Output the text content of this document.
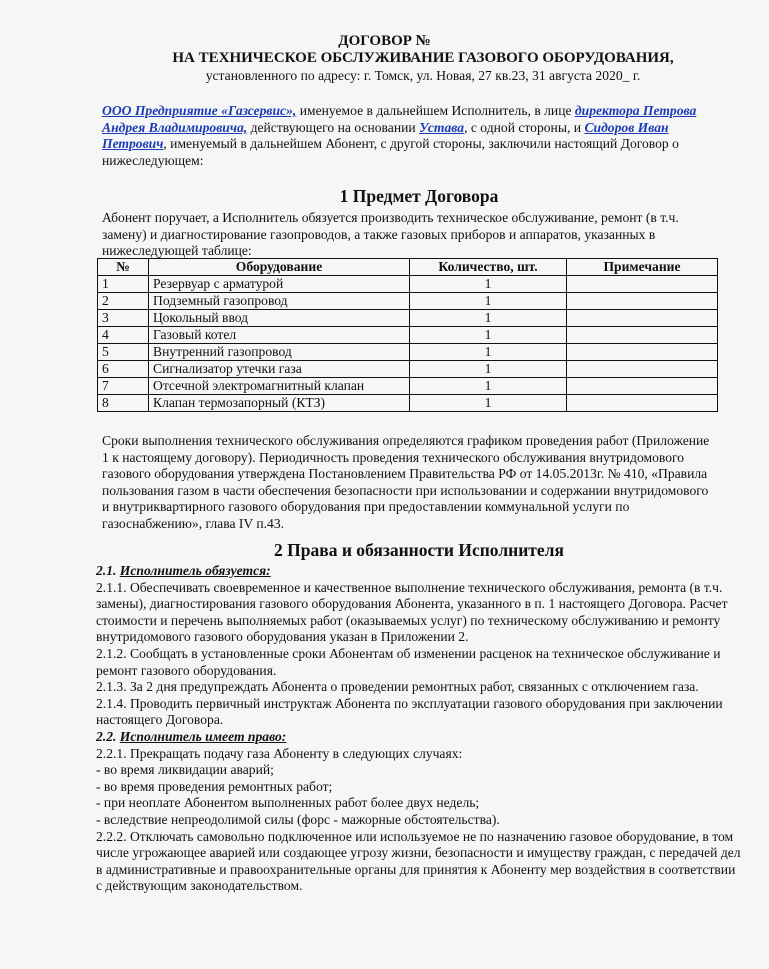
ДОГОВОР №
НА ТЕХНИЧЕСКОЕ ОБСЛУЖИВАНИЕ ГАЗОВОГО ОБОРУДОВАНИЯ,
установленного по адресу: г. Томск, ул. Новая, 27 кв.23, 31 августа 2020_ г.
ООО Предприятие «Газсервис», именуемое в дальнейшем Исполнитель, в лице директора Петрова Андрея Владимировича, действующего на основании Устава, с одной стороны, и Сидоров Иван Петрович, именуемый в дальнейшем Абонент, с другой стороны, заключили настоящий Договор о нижеследующем:
1 Предмет Договора
Абонент поручает, а Исполнитель обязуется производить техническое обслуживание, ремонт (в т.ч. замену) и диагностирование газопроводов, а также газовых приборов и аппаратов, указанных в нижеследующей таблице:
№	Оборудование	Количество, шт.	Примечание
1	Резервуар с арматурой	1	
2	Подземный газопровод	1	
3	Цокольный ввод	1	
4	Газовый котел	1	
5	Внутренний газопровод	1	
6	Сигнализатор утечки газа	1	
7	Отсечной электромагнитный клапан	1	
8	Клапан термозапорный (КТЗ)	1	
Сроки выполнения технического обслуживания определяются графиком проведения работ (Приложение 1 к настоящему договору). Периодичность проведения технического обслуживания внутридомового газового оборудования утверждена Постановлением Правительства РФ от 14.05.2013г. № 410, «Правила пользования газом в части обеспечения безопасности при использовании и содержании внутридомового и внутриквартирного газового оборудования при предоставлении коммунальной услуги по газоснабжению», глава IV п.43.
2 Права и обязанности Исполнителя

2.1. Исполнитель обязуется:

2.1.1. Обеспечивать своевременное и качественное выполнение технического обслуживания, ремонта (в т.ч. замены), диагностирования газового оборудования Абонента, указанного в п. 1 настоящего Договора. Расчет стоимости и перечень выполняемых работ (оказываемых услуг) по техническому обслуживанию и ремонту внутридомового газового оборудования указан в Приложении 2.

2.1.2. Сообщать в установленные сроки Абонентам об изменении расценок на техническое обслуживание и ремонт газового оборудования.

2.1.3. За 2 дня предупреждать Абонента о проведении ремонтных работ, связанных с отключением газа.

2.1.4. Проводить первичный инструктаж Абонента по эксплуатации газового оборудования при заключении настоящего Договора.

2.2. Исполнитель имеет право:

2.2.1. Прекращать подачу газа Абоненту в следующих случаях:

- во время ликвидации аварий;

- во время проведения ремонтных работ;

- при неоплате Абонентом выполненных работ более двух недель;

- вследствие непреодолимой силы (форс - мажорные обстоятельства).

2.2.2. Отключать самовольно подключенное или используемое не по назначению газовое оборудование, в том числе угрожающее аварией или создающее угрозу жизни, безопасности и имуществу граждан, с передачей дел в административные и правоохранительные органы для принятия к Абоненту мер воздействия в соответствии с действующим законодательством.
